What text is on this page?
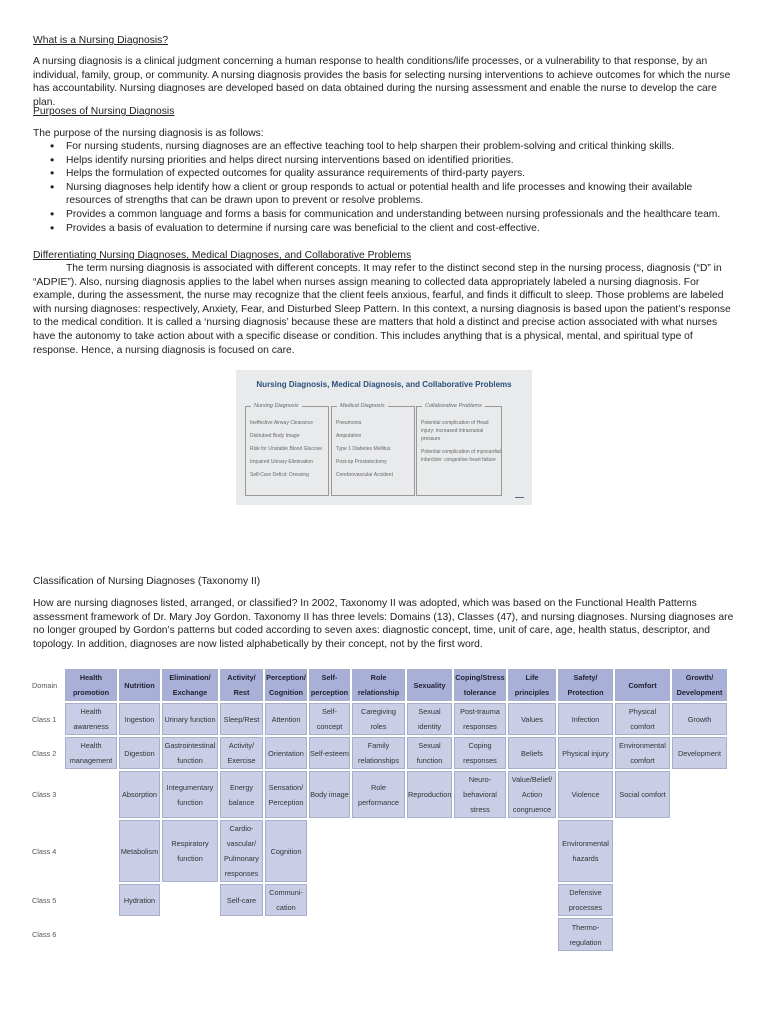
What is a Nursing Diagnosis?
A nursing diagnosis is a clinical judgment concerning a human response to health conditions/life processes, or a vulnerability to that response, by an individual, family, group, or community. A nursing diagnosis provides the basis for selecting nursing interventions to achieve outcomes for which the nurse has accountability. Nursing diagnoses are developed based on data obtained during the nursing assessment and enable the nurse to develop the care plan.
Purposes of Nursing Diagnosis
The purpose of the nursing diagnosis is as follows:
• For nursing students, nursing diagnoses are an effective teaching tool to help sharpen their problem-solving and critical thinking skills.
• Helps identify nursing priorities and helps direct nursing interventions based on identified priorities.
• Helps the formulation of expected outcomes for quality assurance requirements of third-party payers.
• Nursing diagnoses help identify how a client or group responds to actual or potential health and life processes and knowing their available resources of strengths that can be drawn upon to prevent or resolve problems.
• Provides a common language and forms a basis for communication and understanding between nursing professionals and the healthcare team.
• Provides a basis of evaluation to determine if nursing care was beneficial to the client and cost-effective.
Differentiating Nursing Diagnoses, Medical Diagnoses, and Collaborative Problems
The term nursing diagnosis is associated with different concepts. It may refer to the distinct second step in the nursing process, diagnosis (“D” in “ADPIE”). Also, nursing diagnosis applies to the label when nurses assign meaning to collected data appropriately labeled a nursing diagnosis. For example, during the assessment, the nurse may recognize that the client feels anxious, fearful, and finds it difficult to sleep. Those problems are labeled with nursing diagnoses: respectively, Anxiety, Fear, and Disturbed Sleep Pattern. In this context, a nursing diagnosis is based upon the patient’s response to the medical condition. It is called a ‘nursing diagnosis’ because these are matters that hold a distinct and precise action associated with what nurses have the autonomy to take action about with a specific disease or condition. This includes anything that is a physical, mental, and spiritual type of response. Hence, a nursing diagnosis is focused on care.
Nursing Diagnosis, Medical Diagnosis, and Collaborative Problems
Nursing Diagnosis
Ineffective Airway Clearance
Distrubed Body Image
Risk for Unstable Blood Glucose
Impaired Urinary Elimination
Self-Care Deficit: Dressing
Medical Diagnosis
Pneumonia
Amputation
Type 1 Diabetes Mellitus
Post-op Prostatectomy
Cerebrovascular Accident
Collaborative Problems
Potential complication of Head injury: increased intracranial pressure
Potential complication of myocardial infarction: congestive heart failure
▬▬▬
Classification of Nursing Diagnoses (Taxonomy II)
How are nursing diagnoses listed, arranged, or classified? In 2002, Taxonomy II was adopted, which was based on the Functional Health Patterns assessment framework of Dr. Mary Joy Gordon. Taxonomy II has three levels: Domains (13), Classes (47), and nursing diagnoses. Nursing diagnoses are no longer grouped by Gordon’s patterns but coded according to seven axes: diagnostic concept, time, unit of care, age, health status, descriptor, and topology. In addition, diagnoses are now listed alphabetically by their concept, not by the first word.
Domain	Health promotion	Nutrition	Elimination/ Exchange	Activity/ Rest	Perception/ Cognition	Self-perception	Role relationship	Sexuality	Coping/Stress tolerance	Life principles	Safety/ Protection	Comfort	Growth/ Development
Class 1	Health awareness	Ingestion	Urinary function	Sleep/Rest	Attention	Self-concept	Caregiving roles	Sexual identity	Post-trauma responses	Values	Infection	Physical comfort	Growth
Class 2	Health management	Digestion	Gastrointestinal function	Activity/ Exercise	Orientation	Self-esteem	Family relationships	Sexual function	Coping responses	Beliefs	Physical injury	Environmental comfort	Development
Class 3		Absorption	Integumentary function	Energy balance	Sensation/ Perception	Body image	Role performance	Reproduction	Neuro-behavioral stress	Value/Belief/ Action congruence	Violence	Social comfort	
Class 4		Metabolism	Respiratory function	Cardio-vascular/ Pulmonary responses	Cognition						Environmental hazards		
Class 5		Hydration		Self-care	Communi-cation						Defensive processes		
Class 6											Thermo-regulation		
